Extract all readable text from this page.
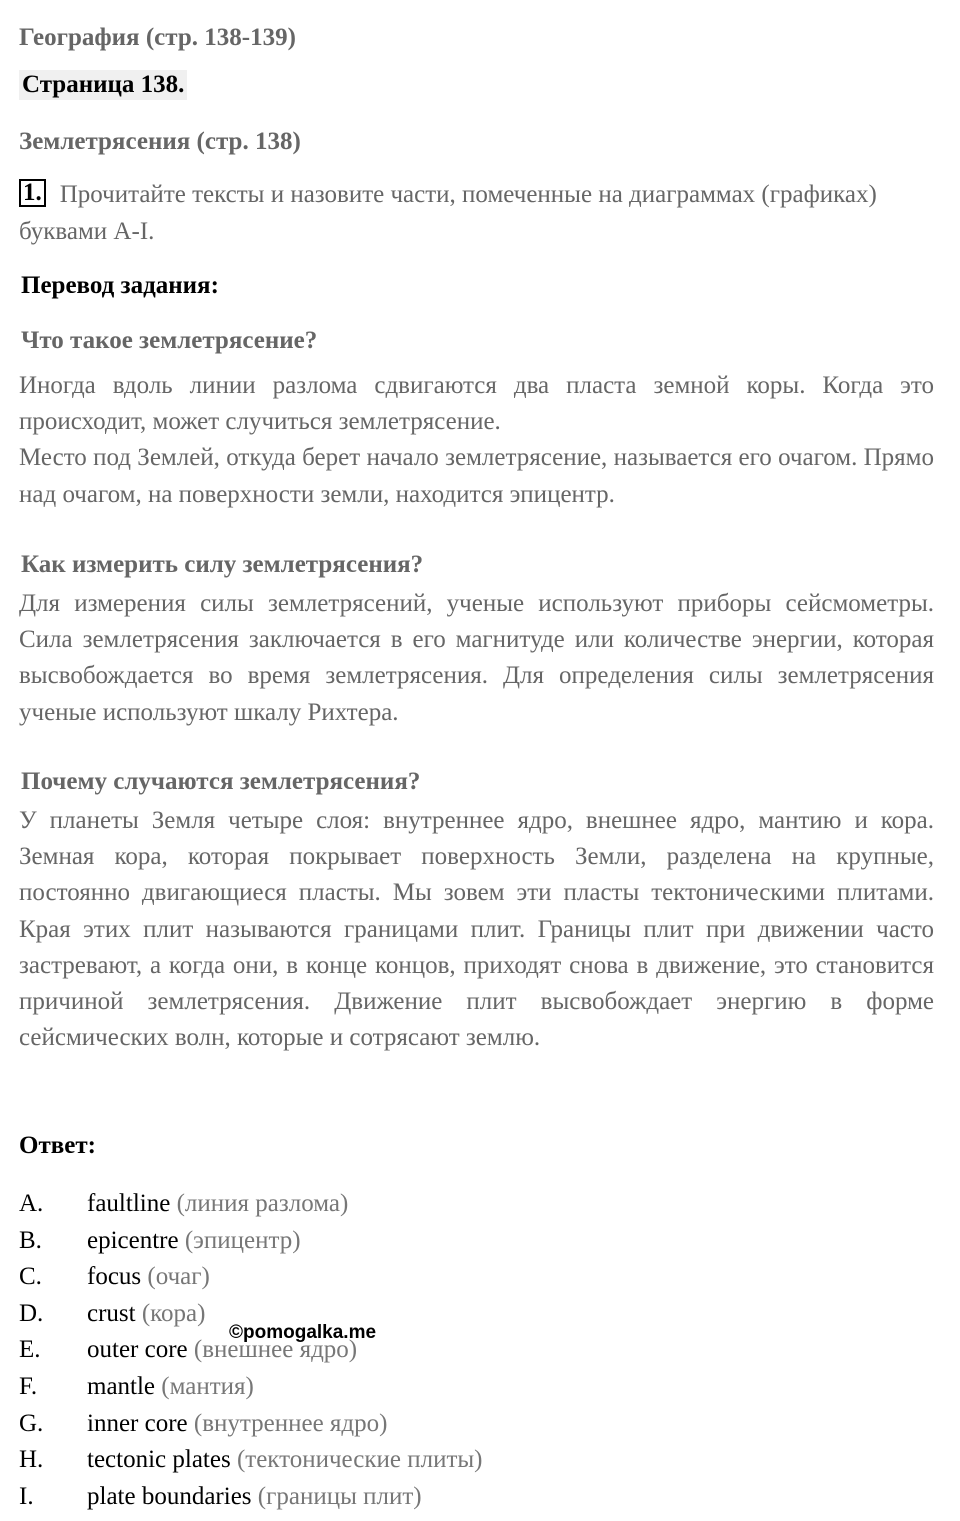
География (стр. 138-139)
Страница 138.
Землетрясения (стр. 138)
1. Прочитайте тексты и назовите части, помеченные на диаграммах (графиках) буквами A-I.
Перевод задания:
Что такое землетрясение?

Иногда вдоль линии разлома сдвигаются два пласта земной коры. Когда это происходит, может случиться землетрясение.

Место под Землей, откуда берет начало землетрясение, называется его очагом. Прямо над очагом, на поверхности земли, находится эпицентр.

Как измерить силу землетрясения?

Для измерения силы землетрясений, ученые используют приборы сейсмометры. Сила землетрясения заключается в его магнитуде или количестве энергии, которая высвобождается во время землетрясения. Для определения силы землетрясения ученые используют шкалу Рихтера.

Почему случаются землетрясения?

У планеты Земля четыре слоя: внутреннее ядро, внешнее ядро, мантию и кора. Земная кора, которая покрывает поверхность Земли, разделена на крупные, постоянно двигающиеся пласты. Мы зовем эти пласты тектоническими плитами. Края этих плит называются границами плит. Границы плит при движении часто застревают, а когда они, в конце концов, приходят снова в движение, это становится причиной землетрясения. Движение плит высвобождает энергию в форме сейсмических волн, которые и сотрясают землю.

Ответ:
A. faultline (линия разлома)
B. epicentre (эпицентр)
C. focus (очаг)
D. crust (кора)
E. outer core (внешнее ядро)
F. mantle (мантия)
G. inner core (внутреннее ядро)
H. tectonic plates (тектонические плиты)
I. plate boundaries (границы плит)
©pomogalka.me
